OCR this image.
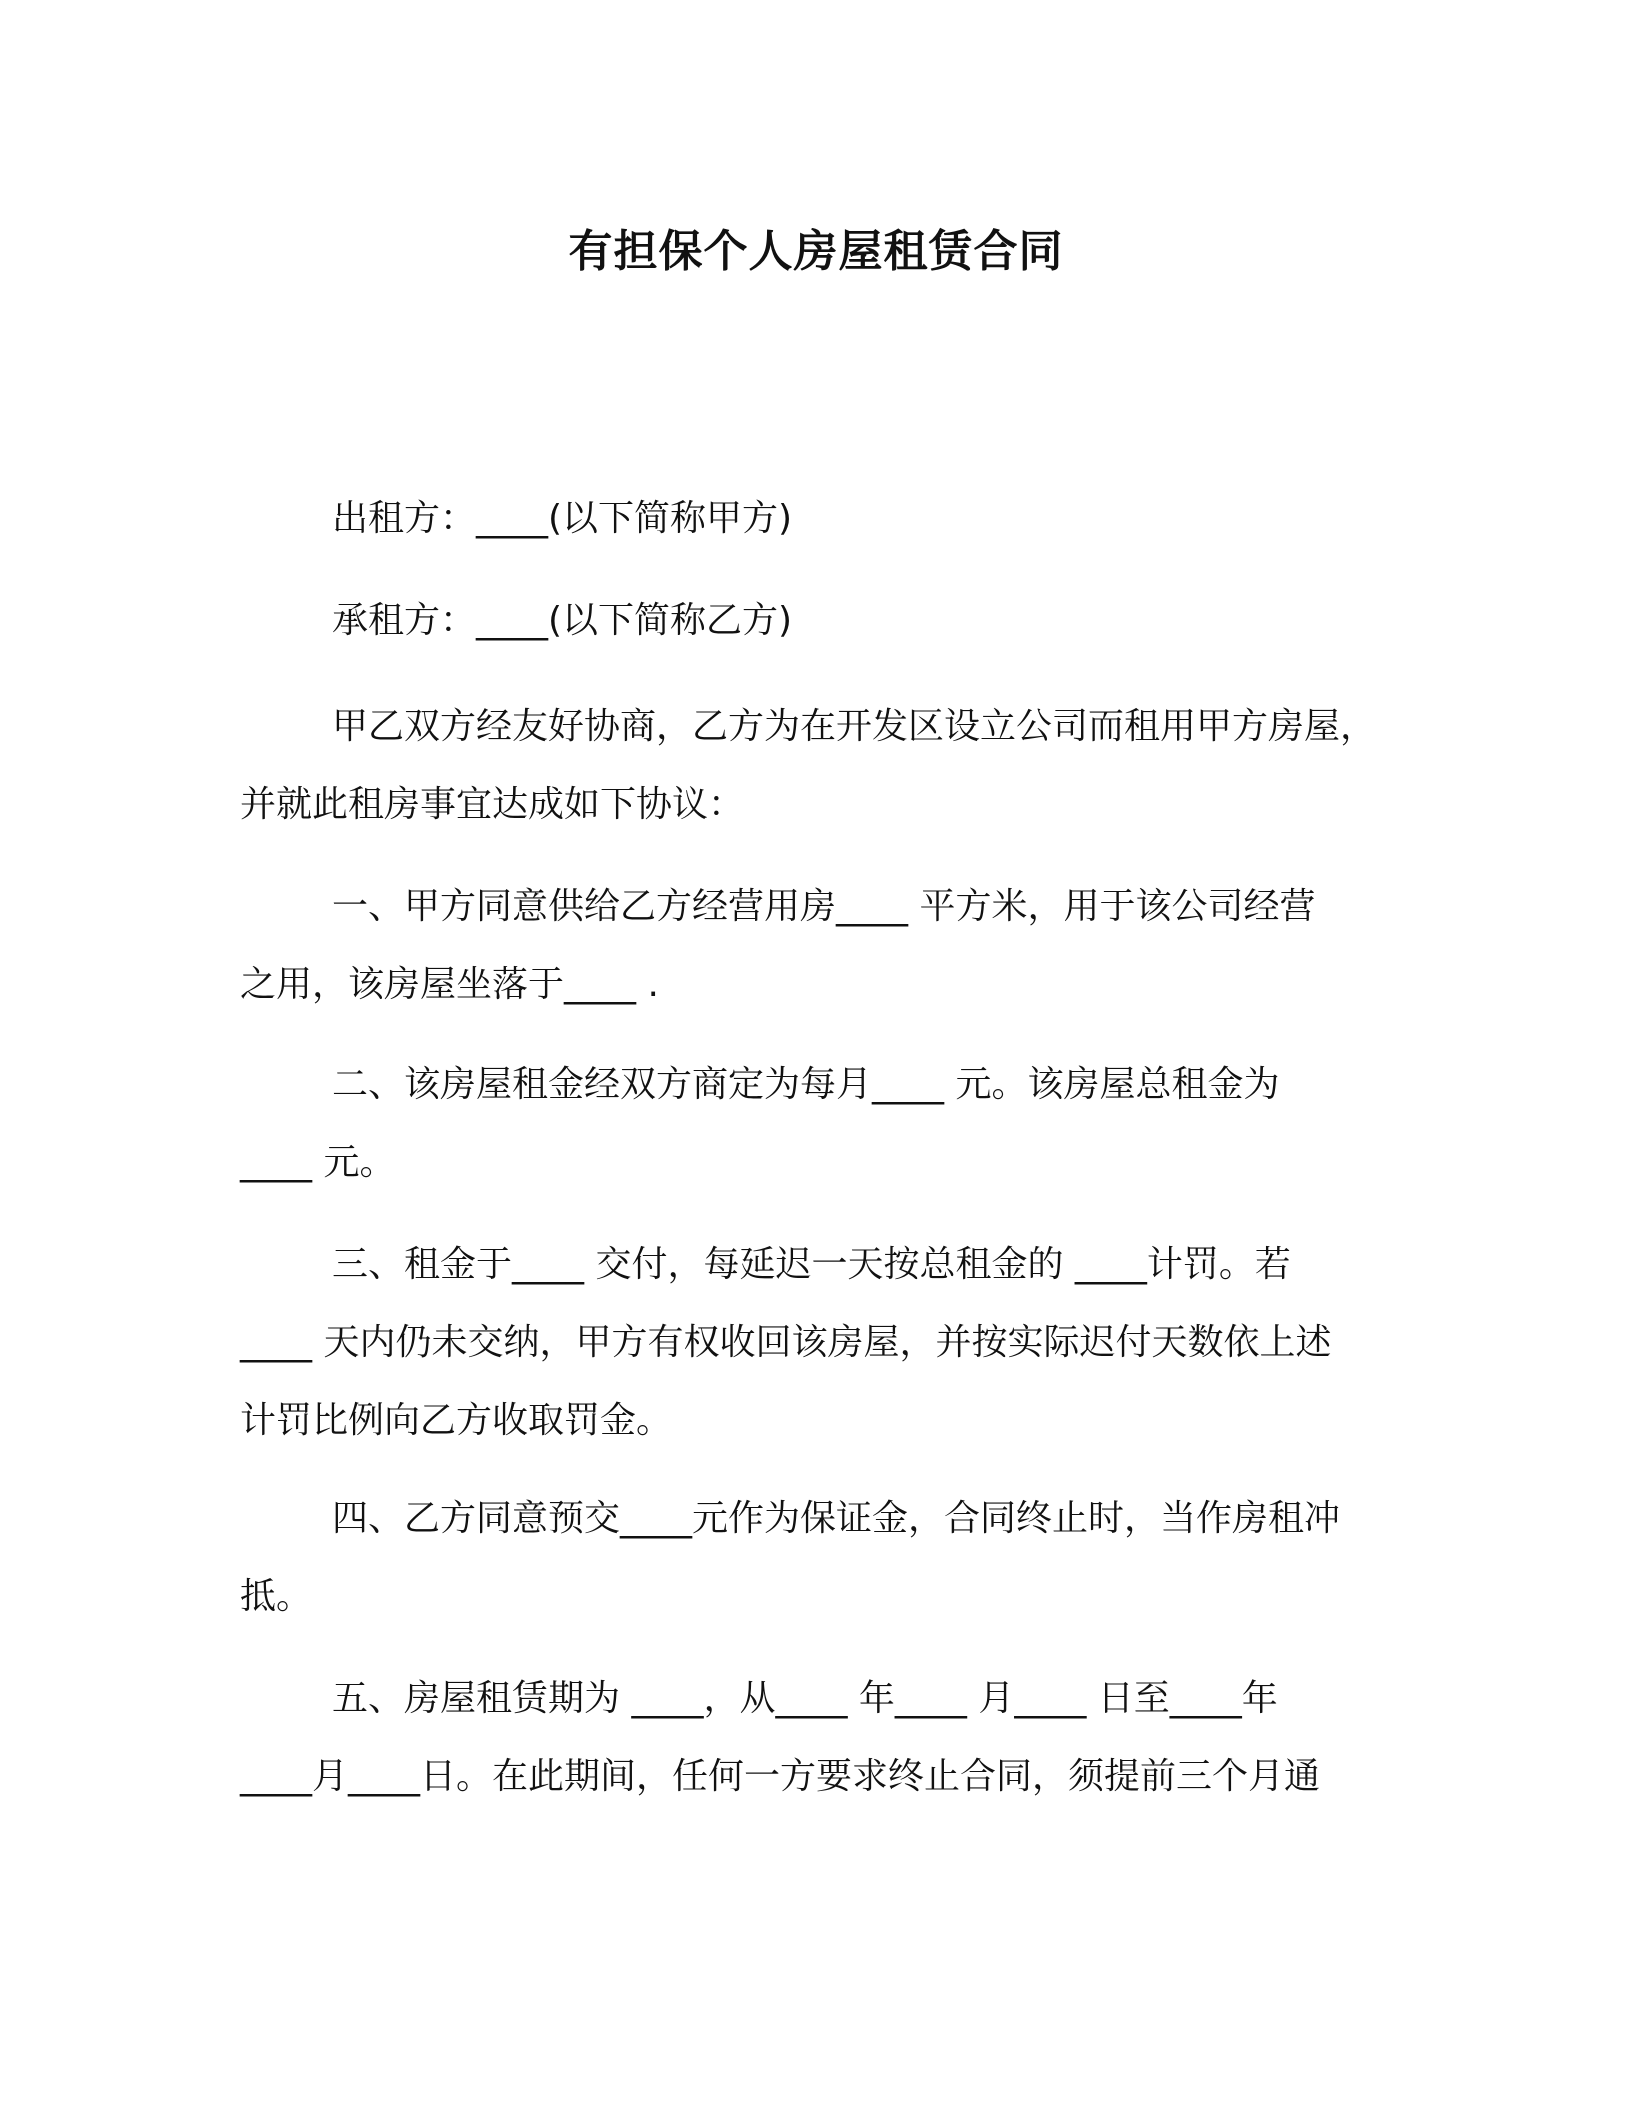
有担保个人房屋租赁合同
出租方：____(以下简称甲方)
承租方：____(以下简称乙方)
甲乙双方经友好协商，乙方为在开发区设立公司而租用甲方房屋，
并就此租房事宜达成如下协议：
一、甲方同意供给乙方经营用房____ 平方米，用于该公司经营
之用，该房屋坐落于____ .
二、该房屋租金经双方商定为每月____ 元。该房屋总租金为
____ 元。
三、租金于____ 交付，每延迟一天按总租金的 ____计罚。若
____ 天内仍未交纳，甲方有权收回该房屋，并按实际迟付天数依上述
计罚比例向乙方收取罚金。
四、乙方同意预交____元作为保证金，合同终止时，当作房租冲
抵。
五、房屋租赁期为 ____，从____ 年____ 月____ 日至____年
____月____日。在此期间，任何一方要求终止合同，须提前三个月通
